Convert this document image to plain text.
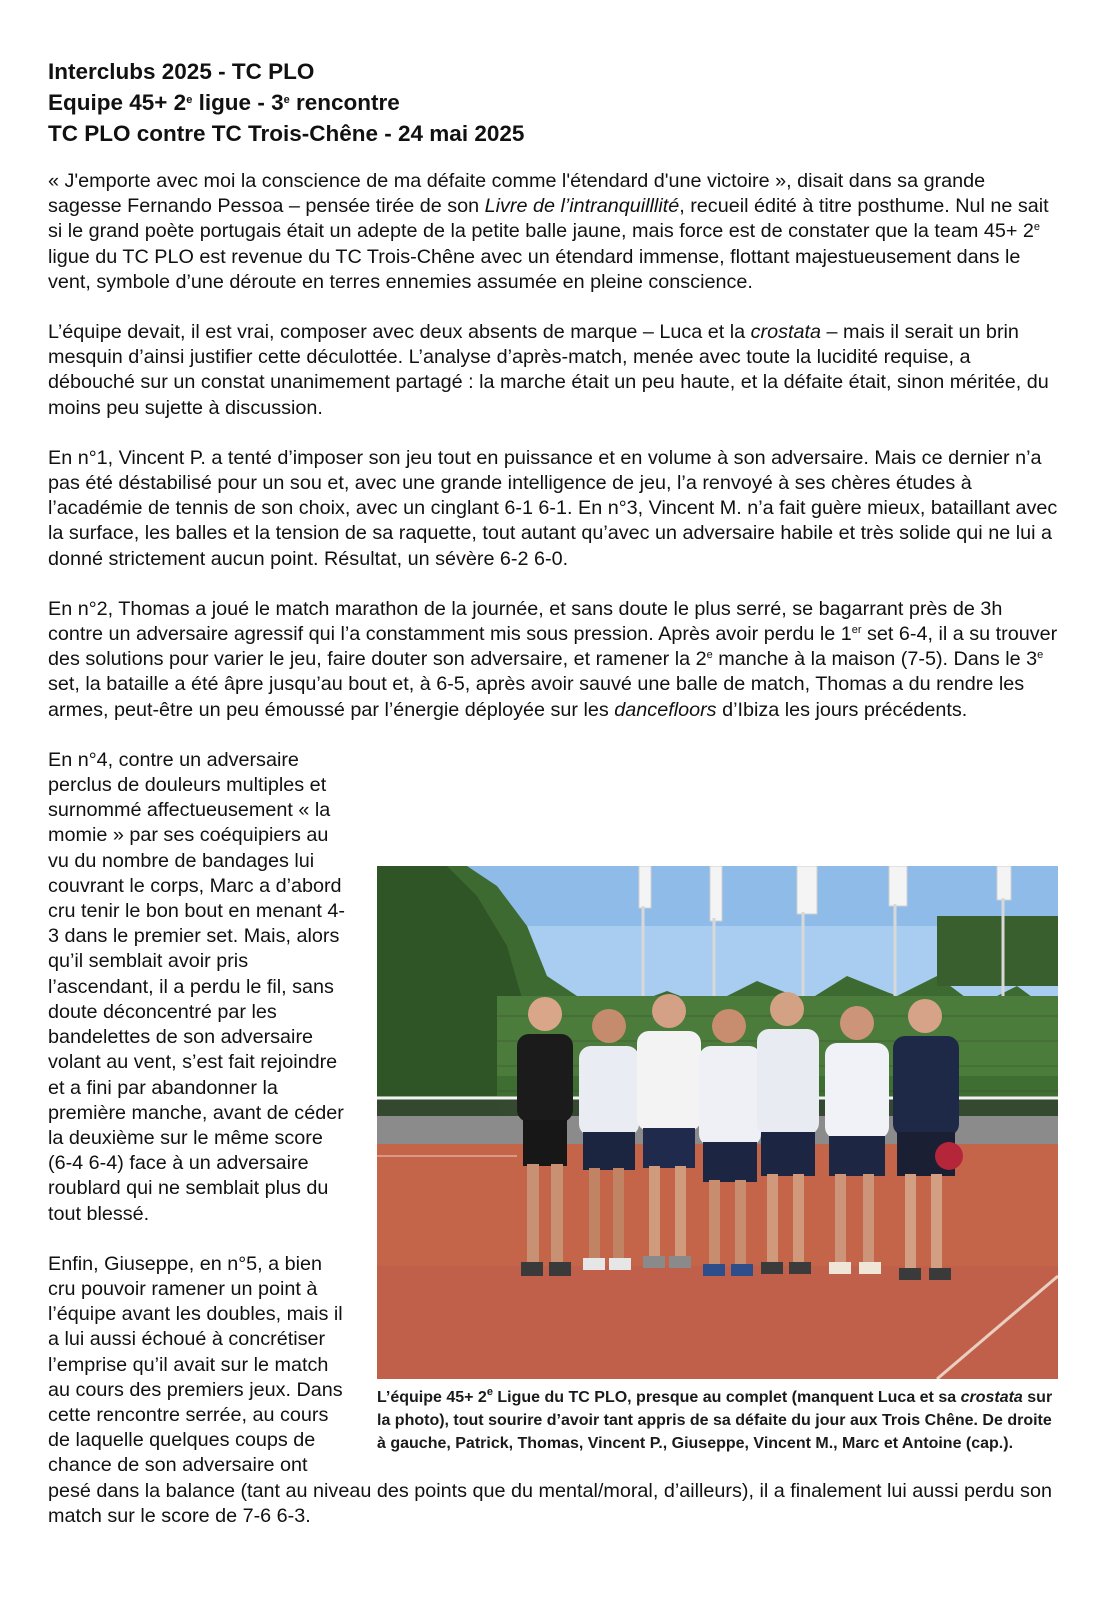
Interclubs 2025 - TC PLO

Equipe $45+ 2^e$ ligue - 3e rencontre

TC PLO contre TC Trois-Chêne - 24 mai 2025

« J'emporte avec moi la conscience de ma défaite comme l'étendard d'une victoire », disait dans sa grande sagesse Fernando Pessoa – pensée tirée de son Livre de l’intranquilllité, recueil édité à titre posthume. Nul ne sait si le grand poète portugais était un adepte de la petite balle jaune, mais force est de constater que la team $45+ 2^e$ ligue du TC PLO est revenue du TC Trois-Chêne avec un étendard immense, flottant majestueusement dans le vent, symbole d’une déroute en terres ennemies assumée en pleine conscience.

L’équipe devait, il est vrai, composer avec deux absents de marque – Luca et la crostata – mais il serait un brin mesquin d’ainsi justifier cette déculottée. L’analyse d’après-match, menée avec toute la lucidité requise, a débouché sur un constat unanimement partagé : la marche était un peu haute, et la défaite était, sinon méritée, du moins peu sujette à discussion.

En n°1, Vincent P. a tenté d’imposer son jeu tout en puissance et en volume à son adversaire. Mais ce dernier n’a pas été déstabilisé pour un sou et, avec une grande intelligence de jeu, l’a renvoyé à ses chères études à l’académie de tennis de son choix, avec un cinglant 6-1 6-1. En n°3, Vincent M. n’a fait guère mieux, bataillant avec la surface, les balles et la tension de sa raquette, tout autant qu’avec un adversaire habile et très solide qui ne lui a donné strictement aucun point. Résultat, un sévère 6-2 6-0.

En n°2, Thomas a joué le match marathon de la journée, et sans doute le plus serré, se bagarrant près de 3h contre un adversaire agressif qui l’a constamment mis sous pression. Après avoir perdu le 1er set 6-4, il a su trouver des solutions pour varier le jeu, faire douter son adversaire, et ramener la 2e manche à la maison (7-5). Dans le 3e set, la bataille a été âpre jusqu’au bout et, à 6-5, après avoir sauvé une balle de match, Thomas a du rendre les armes, peut-être un peu émoussé par l’énergie déployée sur les dancefloors d’Ibiza les jours précédents.

L’équipe $45+ 2^e$ Ligue du TC PLO, presque au complet (manquent Luca et sa crostata sur la photo), tout sourire d’avoir tant appris de sa défaite du jour aux Trois Chêne. De droite à gauche, Patrick, Thomas, Vincent P., Giuseppe, Vincent M., Marc et Antoine (cap.).

En n°4, contre un adversaire perclus de douleurs multiples et surnommé affectueusement « la momie » par ses coéquipiers au vu du nombre de bandages lui couvrant le corps, Marc a d’abord cru tenir le bon bout en menant 4-3 dans le premier set. Mais, alors qu’il semblait avoir pris l’ascendant, il a perdu le fil, sans doute déconcentré par les bandelettes de son adversaire volant au vent, s’est fait rejoindre et a fini par abandonner la première manche, avant de céder la deuxième sur le même score (6-4 6-4) face à un adversaire roublard qui ne semblait plus du tout blessé.

Enfin, Giuseppe, en n°5, a bien cru pouvoir ramener un point à l’équipe avant les doubles, mais il a lui aussi échoué à concrétiser l’emprise qu’il avait sur le match au cours des premiers jeux. Dans cette rencontre serrée, au cours de laquelle quelques coups de chance de son adversaire ont pesé dans la balance (tant au niveau des points que du mental/moral, d’ailleurs), il a finalement lui aussi perdu son match sur le score de 7-6 6-3.
